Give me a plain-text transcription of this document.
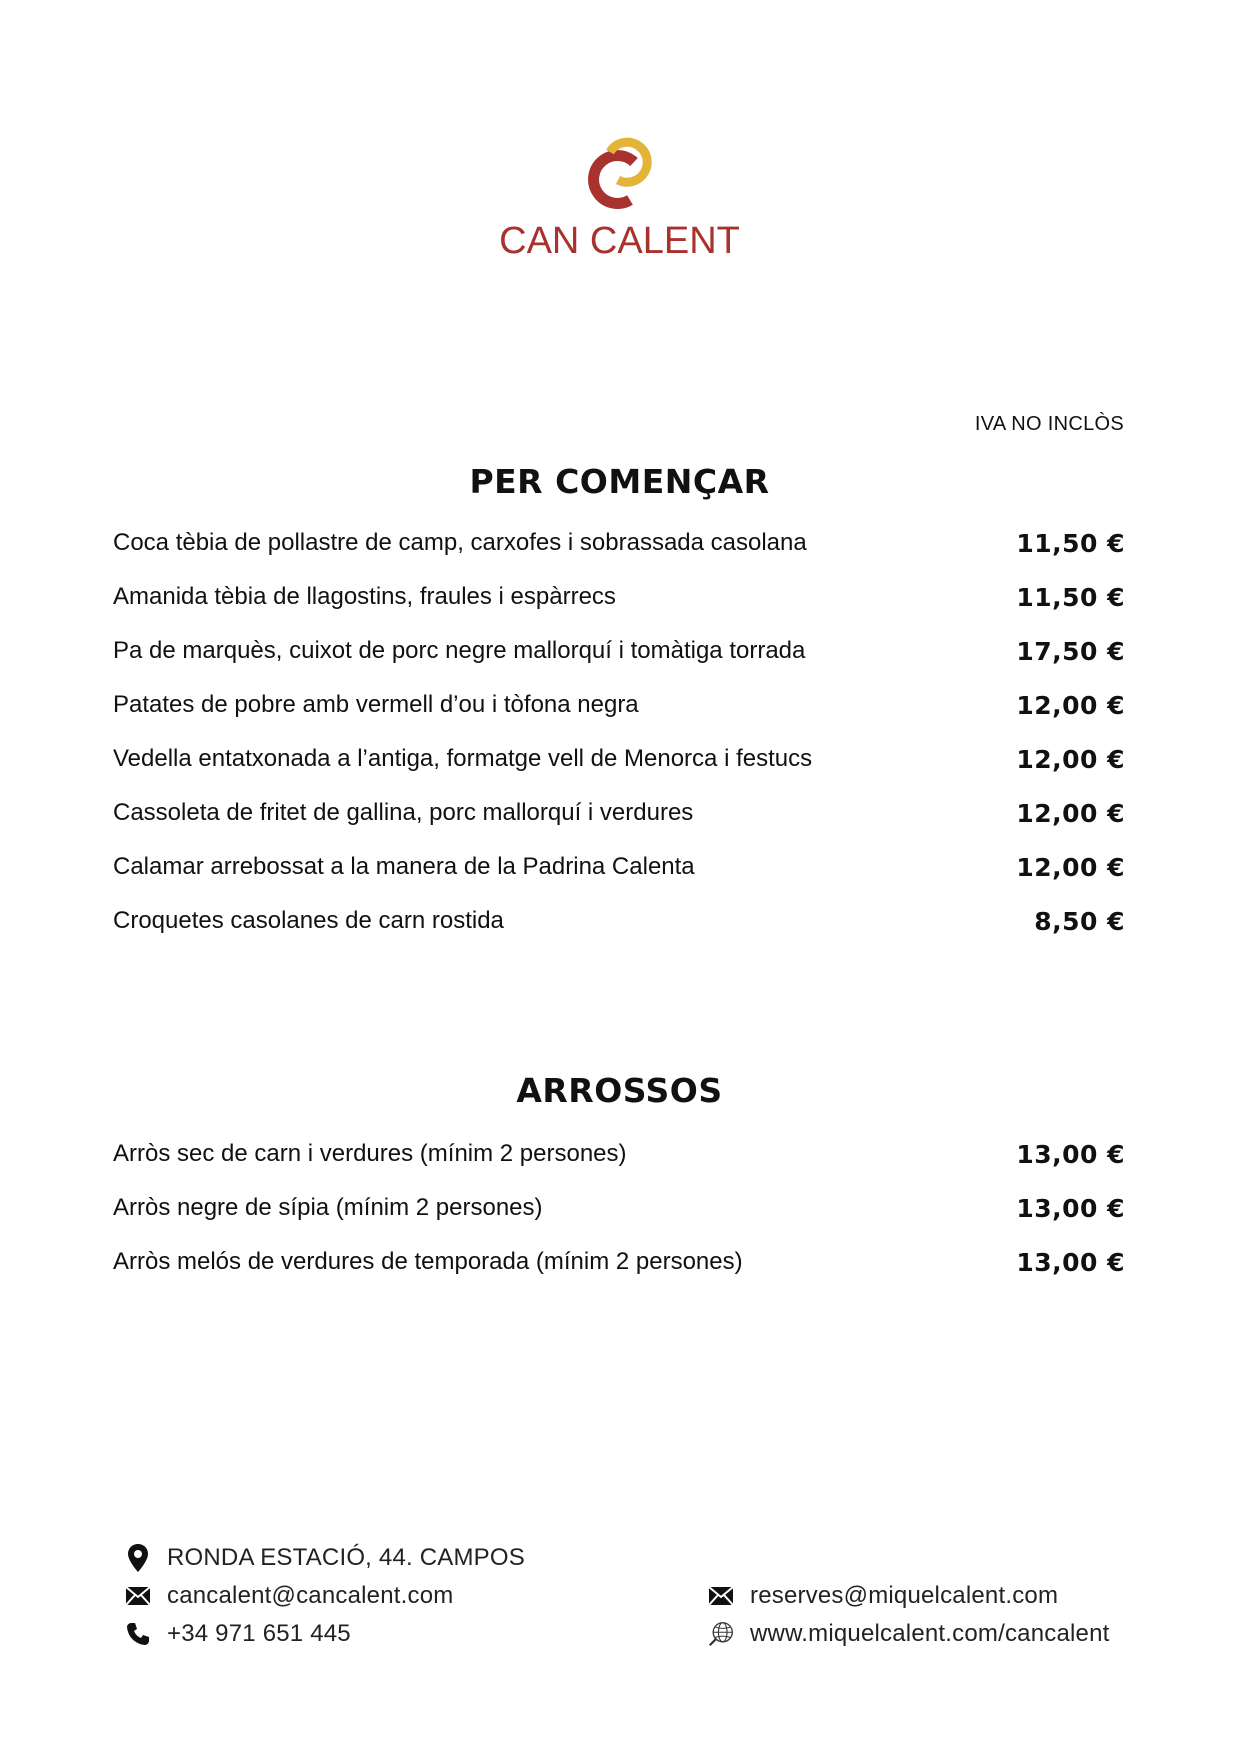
CAN CALENT
IVA NO INCLÒS
PER COMENÇAR
Coca tèbia de pollastre de camp, carxofes i sobrassada casolana	11,50 €
Amanida tèbia de llagostins, fraules i espàrrecs	11,50 €
Pa de marquès, cuixot de porc negre mallorquí i tomàtiga torrada	17,50 €
Patates de pobre amb vermell d’ou i tòfona negra	12,00 €
Vedella entatxonada a l’antiga, formatge vell de Menorca i festucs	12,00 €
Cassoleta de fritet de gallina, porc mallorquí i verdures	12,00 €
Calamar arrebossat a la manera de la Padrina Calenta	12,00 €
Croquetes casolanes de carn rostida	8,50 €
ARROSSOS
Arròs sec de carn i verdures (mínim 2 persones)	13,00 €
Arròs negre de sípia (mínim 2 persones)	13,00 €
Arròs melós de verdures de temporada (mínim 2 persones)	13,00 €
RONDA ESTACIÓ, 44. CAMPOS
cancalent@cancalent.com
+34 971 651 445
reserves@miquelcalent.com
www.miquelcalent.com/cancalent
